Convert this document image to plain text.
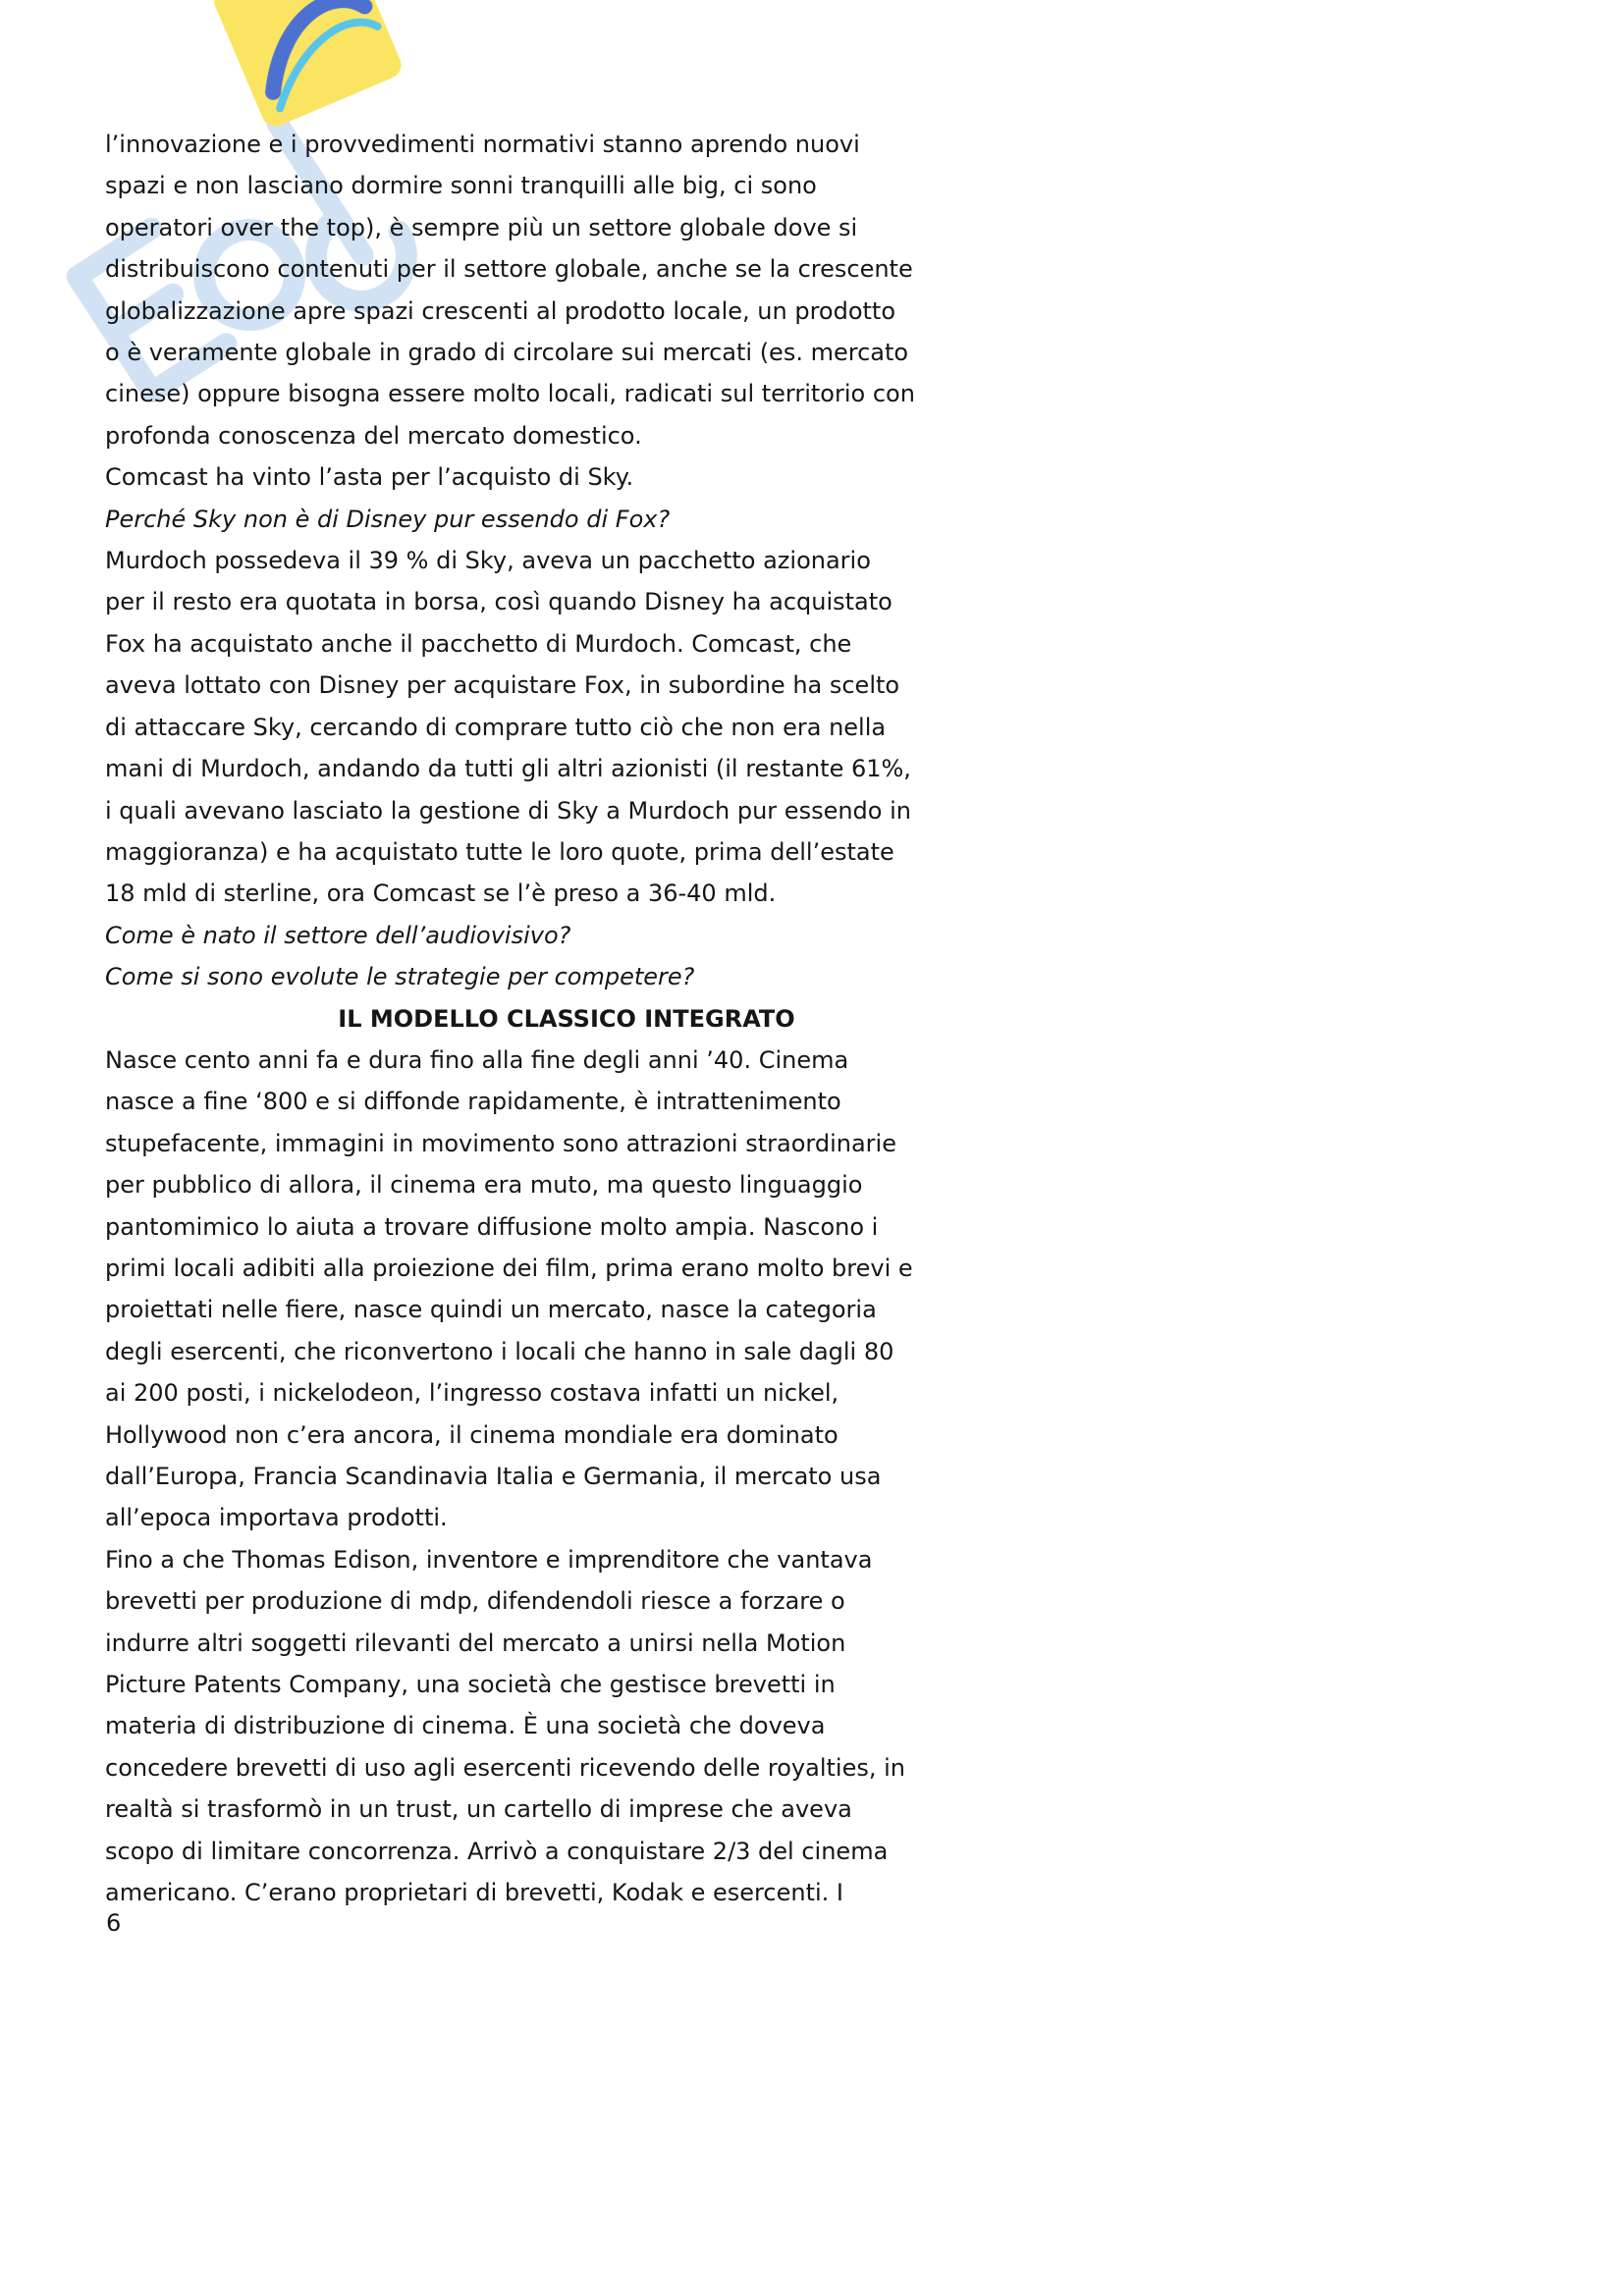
l’innovazione e i provvedimenti normativi stanno aprendo nuovi
spazi e non lasciano dormire sonni tranquilli alle big, ci sono
operatori over the top), è sempre più un settore globale dove si
distribuiscono contenuti per il settore globale, anche se la crescente
globalizzazione apre spazi crescenti al prodotto locale, un prodotto
o è veramente globale in grado di circolare sui mercati (es. mercato
cinese) oppure bisogna essere molto locali, radicati sul territorio con
profonda conoscenza del mercato domestico.
Comcast ha vinto l’asta per l’acquisto di Sky.
Perché Sky non è di Disney pur essendo di Fox?
Murdoch possedeva il 39 % di Sky, aveva un pacchetto azionario
per il resto era quotata in borsa, così quando Disney ha acquistato
Fox ha acquistato anche il pacchetto di Murdoch. Comcast, che
aveva lottato con Disney per acquistare Fox, in subordine ha scelto
di attaccare Sky, cercando di comprare tutto ciò che non era nella
mani di Murdoch, andando da tutti gli altri azionisti (il restante 61%,
i quali avevano lasciato la gestione di Sky a Murdoch pur essendo in
maggioranza) e ha acquistato tutte le loro quote, prima dell’estate
18 mld di sterline, ora Comcast se l’è preso a 36-40 mld.
Come è nato il settore dell’audiovisivo?
Come si sono evolute le strategie per competere?
IL MODELLO CLASSICO INTEGRATO
Nasce cento anni fa e dura fino alla fine degli anni ’40. Cinema
nasce a fine ‘800 e si diffonde rapidamente, è intrattenimento
stupefacente, immagini in movimento sono attrazioni straordinarie
per pubblico di allora, il cinema era muto, ma questo linguaggio
pantomimico lo aiuta a trovare diffusione molto ampia. Nascono i
primi locali adibiti alla proiezione dei film, prima erano molto brevi e
proiettati nelle fiere, nasce quindi un mercato, nasce la categoria
degli esercenti, che riconvertono i locali che hanno in sale dagli 80
ai 200 posti, i nickelodeon, l’ingresso costava infatti un nickel,
Hollywood non c’era ancora, il cinema mondiale era dominato
dall’Europa, Francia Scandinavia Italia e Germania, il mercato usa
all’epoca importava prodotti.
Fino a che Thomas Edison, inventore e imprenditore che vantava
brevetti per produzione di mdp, difendendoli riesce a forzare o
indurre altri soggetti rilevanti del mercato a unirsi nella Motion
Picture Patents Company, una società che gestisce brevetti in
materia di distribuzione di cinema. È una società che doveva
concedere brevetti di uso agli esercenti ricevendo delle royalties, in
realtà si trasformò in un trust, un cartello di imprese che aveva
scopo di limitare concorrenza. Arrivò a conquistare 2/3 del cinema
americano. C’erano proprietari di brevetti, Kodak e esercenti. I
6
